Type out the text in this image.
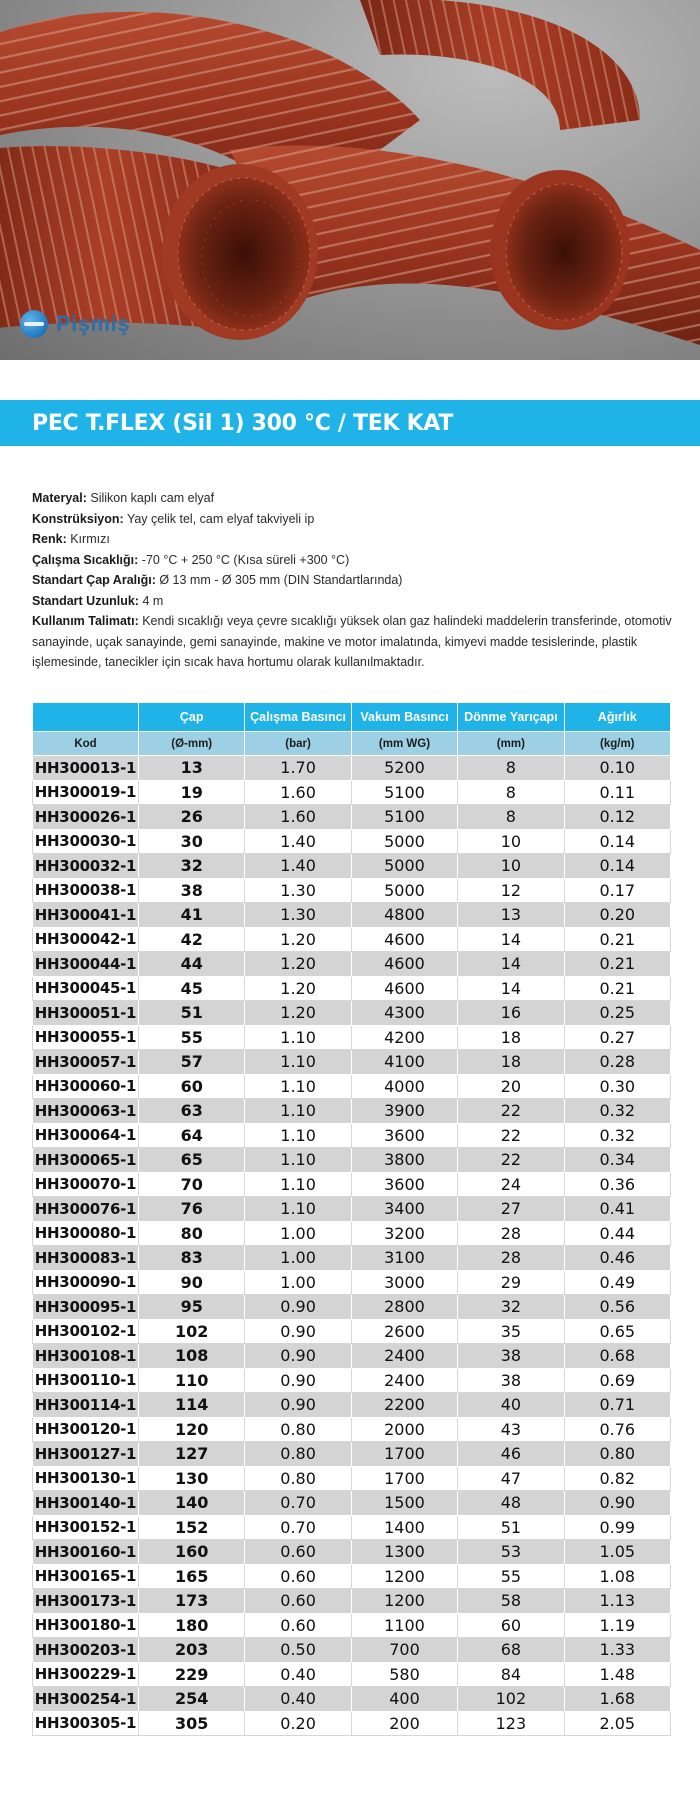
Pişmiş
PEC T.FLEX (Sil 1) 300 °C / TEK KAT

Materyal: Silikon kaplı cam elyaf

Konstrüksiyon: Yay çelik tel, cam elyaf takviyeli ip

Renk: Kırmızı

Çalışma Sıcaklığı: -70 °C + 250 °C (Kısa süreli +300 °C)

Standart Çap Aralığı: Ø 13 mm - Ø 305 mm (DIN Standartlarında)

Standart Uzunluk: 4 m

Kullanım Talimatı: Kendi sıcaklığı veya çevre sıcaklığı yüksek olan gaz halindeki maddelerin transferinde, otomotiv sanayinde, uçak sanayinde, gemi sanayinde, makine ve motor imalatında, kimyevi madde tesislerinde, plastik işlemesinde, tanecikler için sıcak hava hortumu olarak kullanılmaktadır.

	Çap	Çalışma Basıncı	Vakum Basıncı	Dönme Yarıçapı	Ağırlık
Kod	(Ø-mm)	(bar)	(mm WG)	(mm)	(kg/m)
HH300013-1	13	1.70	5200	8	0.10
HH300019-1	19	1.60	5100	8	0.11
HH300026-1	26	1.60	5100	8	0.12
HH300030-1	30	1.40	5000	10	0.14
HH300032-1	32	1.40	5000	10	0.14
HH300038-1	38	1.30	5000	12	0.17
HH300041-1	41	1.30	4800	13	0.20
HH300042-1	42	1.20	4600	14	0.21
HH300044-1	44	1.20	4600	14	0.21
HH300045-1	45	1.20	4600	14	0.21
HH300051-1	51	1.20	4300	16	0.25
HH300055-1	55	1.10	4200	18	0.27
HH300057-1	57	1.10	4100	18	0.28
HH300060-1	60	1.10	4000	20	0.30
HH300063-1	63	1.10	3900	22	0.32
HH300064-1	64	1.10	3600	22	0.32
HH300065-1	65	1.10	3800	22	0.34
HH300070-1	70	1.10	3600	24	0.36
HH300076-1	76	1.10	3400	27	0.41
HH300080-1	80	1.00	3200	28	0.44
HH300083-1	83	1.00	3100	28	0.46
HH300090-1	90	1.00	3000	29	0.49
HH300095-1	95	0.90	2800	32	0.56
HH300102-1	102	0.90	2600	35	0.65
HH300108-1	108	0.90	2400	38	0.68
HH300110-1	110	0.90	2400	38	0.69
HH300114-1	114	0.90	2200	40	0.71
HH300120-1	120	0.80	2000	43	0.76
HH300127-1	127	0.80	1700	46	0.80
HH300130-1	130	0.80	1700	47	0.82
HH300140-1	140	0.70	1500	48	0.90
HH300152-1	152	0.70	1400	51	0.99
HH300160-1	160	0.60	1300	53	1.05
HH300165-1	165	0.60	1200	55	1.08
HH300173-1	173	0.60	1200	58	1.13
HH300180-1	180	0.60	1100	60	1.19
HH300203-1	203	0.50	700	68	1.33
HH300229-1	229	0.40	580	84	1.48
HH300254-1	254	0.40	400	102	1.68
HH300305-1	305	0.20	200	123	2.05
